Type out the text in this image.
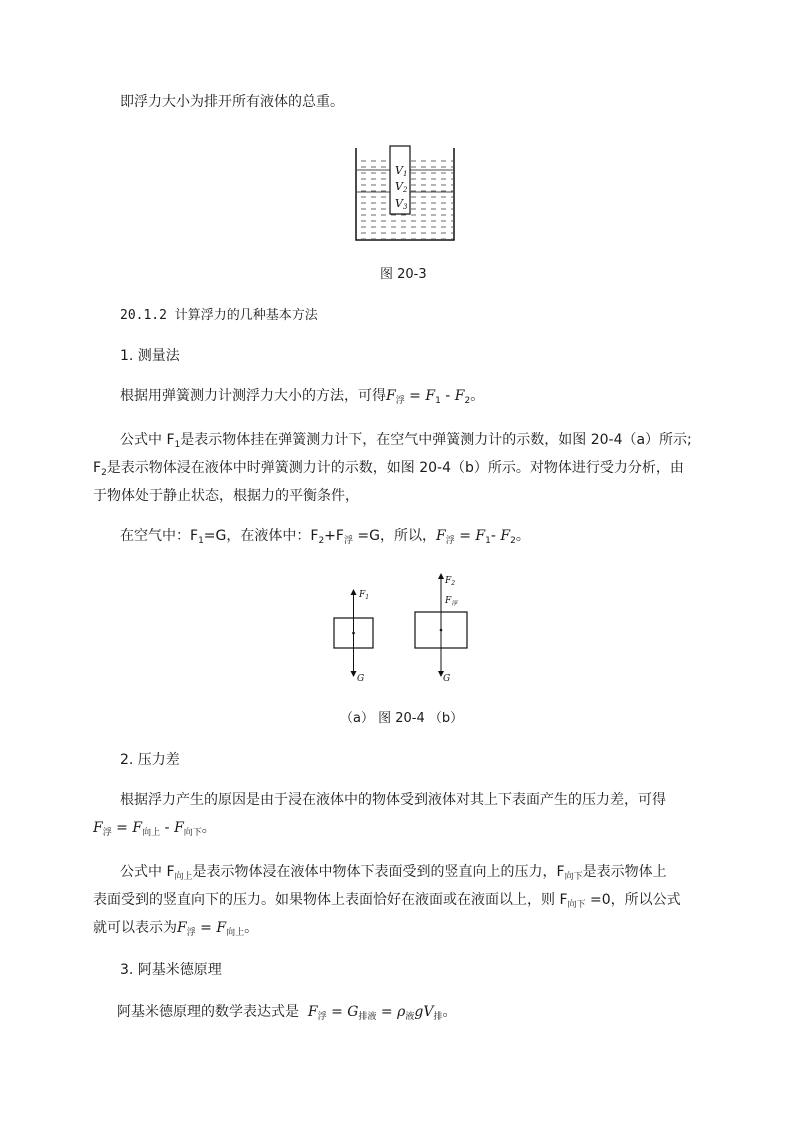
即浮力大小为排开所有液体的总重。
V1
V2
V3
图 20-3
20.1.2 计算浮力的几种基本方法
1. 测量法
根据用弹簧测力计测浮力大小的方法，可得$F_浮 = F_1 - F_2$。
公式中 $F_1$是表示物体挂在弹簧测力计下，在空气中弹簧测力计的示数，如图 20-4（a）所示;
$F_2$是表示物体浸在液体中时弹簧测力计的示数，如图 20-4（b）所示。对物体进行受力分析，由
于物体处于静止状态，根据力的平衡条件，
在空气中：$F_1=G$，在液体中：$F_2+F_浮 =G$，所以，$F_浮 = F_1-$ $F_2$。
$F_1$
G
$F_2$
$F_浮$
G
（a） 图 20-4 （b）
2. 压力差
根据浮力产生的原因是由于浸在液体中的物体受到液体对其上下表面产生的压力差，可得
$F_浮 = F_{向上} - F_{向下}$。
公式中 $F_{向上}$是表示物体浸在液体中物体下表面受到的竖直向上的压力，$F_{向下}$是表示物体上
表面受到的竖直向下的压力。如果物体上表面恰好在液面或在液面以上，则 $F_{向下} =0$，所以公式
就可以表示为$F_浮 = F_{向上}$。
3. 阿基米德原理
阿基米德原理的数学表达式是 $F_浮 = G_{排液} = \rho_液gV_排$。
